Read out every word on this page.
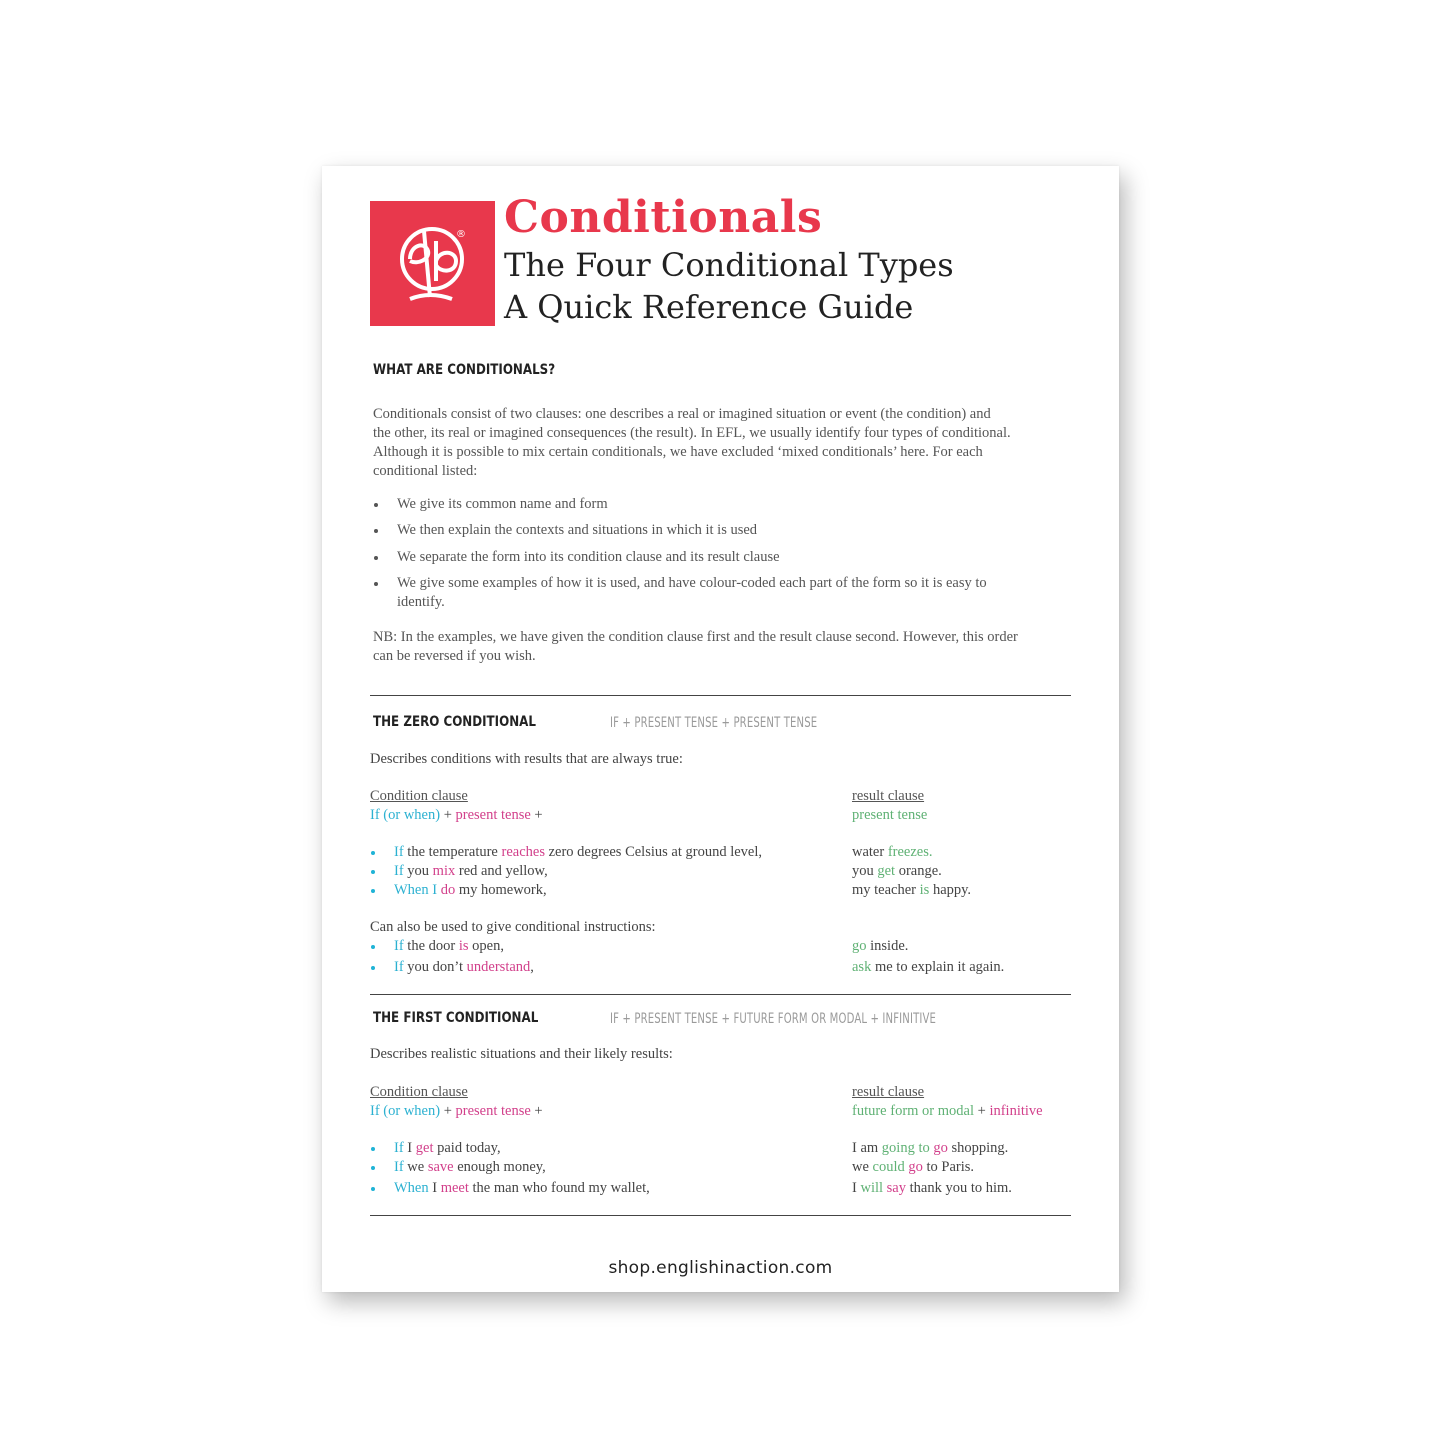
® Conditionals
The Four Conditional Types
A Quick Reference Guide
WHAT ARE CONDITIONALS?
Conditionals consist of two clauses: one describes a real or imagined situation or event (the condition) and
the other, its real or imagined consequences (the result). In EFL, we usually identify four types of conditional.
Although it is possible to mix certain conditionals, we have excluded ‘mixed conditionals’ here. For each
conditional listed:
We give its common name and form
We then explain the contexts and situations in which it is used
We separate the form into its condition clause and its result clause
We give some examples of how it is used, and have colour-coded each part of the form so it is easy to
identify.
NB: In the examples, we have given the condition clause first and the result clause second. However, this order
can be reversed if you wish.
THE ZERO CONDITIONAL	IF + PRESENT TENSE + PRESENT TENSE
Describes conditions with results that are always true:
Condition clause	result clause
If (or when) + present tense +	present tense
If the temperature reaches zero degrees Celsius at ground level,	water freezes.
If you mix red and yellow,	you get orange.
When I do my homework,	my teacher is happy.
Can also be used to give conditional instructions:
If the door is open,	go inside.
If you don’t understand,	ask me to explain it again.
THE FIRST CONDITIONAL	IF + PRESENT TENSE + FUTURE FORM OR MODAL + INFINITIVE
Describes realistic situations and their likely results:
Condition clause	result clause
If (or when) + present tense +	future form or modal + infinitive
If I get paid today,	I am going to go shopping.
If we save enough money,	we could go to Paris.
When I meet the man who found my wallet,	I will say thank you to him.
shop.englishinaction.com
